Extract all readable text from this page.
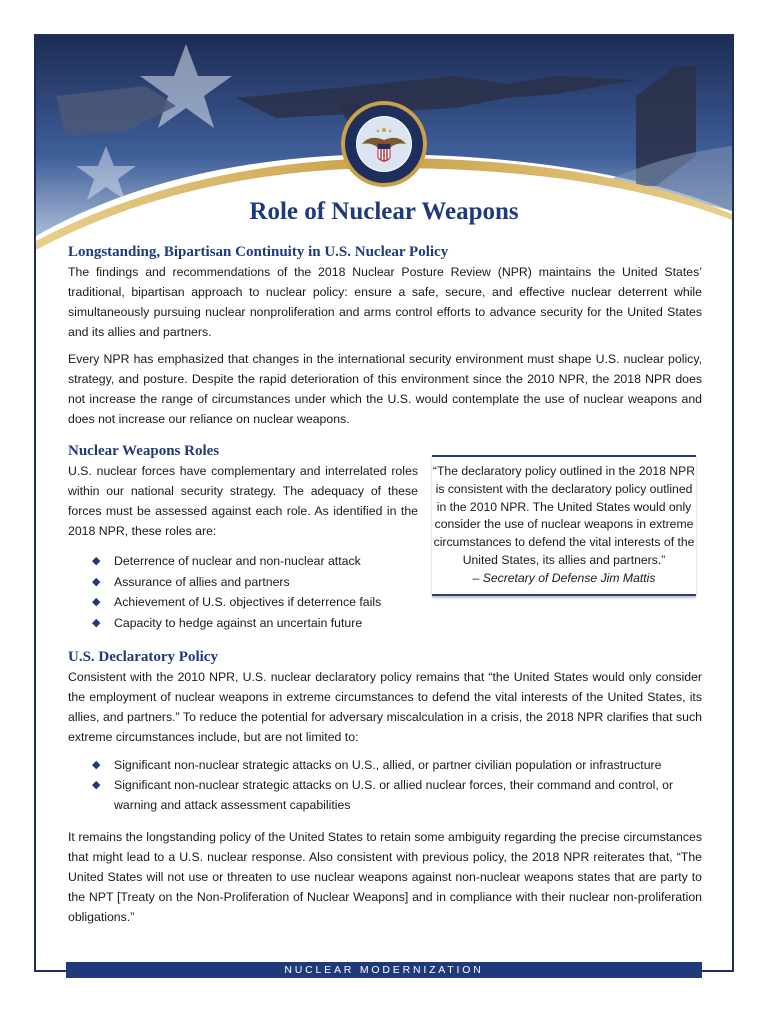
Role of Nuclear Weapons
Longstanding, Bipartisan Continuity in U.S. Nuclear Policy

The findings and recommendations of the 2018 Nuclear Posture Review (NPR) maintains the United States’ traditional, bipartisan approach to nuclear policy: ensure a safe, secure, and effective nuclear deterrent while simultaneously pursuing nuclear nonproliferation and arms control efforts to advance security for the United States and its allies and partners.

Every NPR has emphasized that changes in the international security environment must shape U.S. nuclear policy, strategy, and posture. Despite the rapid deterioration of this environment since the 2010 NPR, the 2018 NPR does not increase the range of circumstances under which the U.S. would contemplate the use of nuclear weapons and does not increase our reliance on nuclear weapons.

Nuclear Weapons Roles

U.S. nuclear forces have complementary and interrelated roles within our national security strategy. The adequacy of these forces must be assessed against each role. As identified in the 2018 NPR, these roles are:

◆ Deterrence of nuclear and non-nuclear attack
◆ Assurance of allies and partners
◆ Achievement of U.S. objectives if deterrence fails
◆ Capacity to hedge against an uncertain future
“The declaratory policy outlined in the 2018 NPR is consistent with the declaratory policy outlined in the 2010 NPR. The United States would only consider the use of nuclear weapons in extreme circumstances to defend the vital interests of the United States, its allies and partners.”
– Secretary of Defense Jim Mattis
U.S. Declaratory Policy

Consistent with the 2010 NPR, U.S. nuclear declaratory policy remains that “the United States would only consider the employment of nuclear weapons in extreme circumstances to defend the vital interests of the United States, its allies, and partners.” To reduce the potential for adversary miscalculation in a crisis, the 2018 NPR clarifies that such extreme circumstances include, but are not limited to:

◆ Significant non-nuclear strategic attacks on U.S., allied, or partner civilian population or infrastructure
◆ Significant non-nuclear strategic attacks on U.S. or allied nuclear forces, their command and control, or warning and attack assessment capabilities

It remains the longstanding policy of the United States to retain some ambiguity regarding the precise circumstances that might lead to a U.S. nuclear response. Also consistent with previous policy, the 2018 NPR reiterates that, “The United States will not use or threaten to use nuclear weapons against non-nuclear weapons states that are party to the NPT [Treaty on the Non-Proliferation of Nuclear Weapons] and in compliance with their nuclear non-proliferation obligations.”

NUCLEAR MODERNIZATION
